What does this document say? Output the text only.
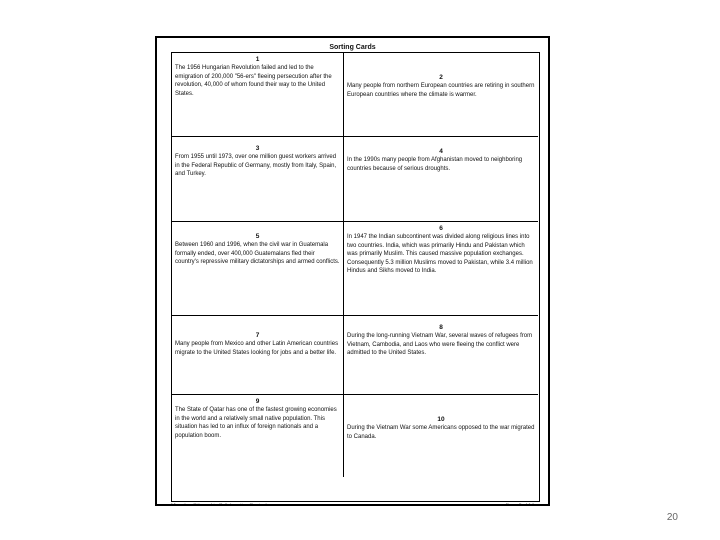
Sorting Cards
1
The 1956 Hungarian Revolution failed and led to the emigration of 200,000 "56-ers" fleeing persecution after the revolution, 40,000 of whom found their way to the United States.
2
Many people from northern European countries are retiring in southern European countries where the climate is warmer.
3
From 1955 until 1973, over one million guest workers arrived in the Federal Republic of Germany, mostly from Italy, Spain, and Turkey.
4
In the 1990s many people from Afghanistan moved to neighboring countries because of serious droughts.
5
Between 1960 and 1996, when the civil war in Guatemala formally ended, over 400,000 Guatemalans fled their country's repressive military dictatorships and armed conflicts.
6
In 1947 the Indian subcontinent was divided along religious lines into two countries. India, which was primarily Hindu and Pakistan which was primarily Muslim. This caused massive population exchanges. Consequently 5.3 million Muslims moved to Pakistan, while 3.4 million Hindus and Sikhs moved to India.
7
Many people from Mexico and other Latin American countries migrate to the United States looking for jobs and a better life.
8
During the long-running Vietnam War, several waves of refugees from Vietnam, Cambodia, and Laos who were fleeing the conflict were admitted to the United States.
9
The State of Qatar has one of the fastest growing economies in the world and a relatively small native population. This situation has led to an influx of foreign nationals and a population boom.
10
During the Vietnam War some Americans opposed to the war migrated to Canada.
Migration Citizenship Collaborative Curriculum	Page 2 of 14
20
